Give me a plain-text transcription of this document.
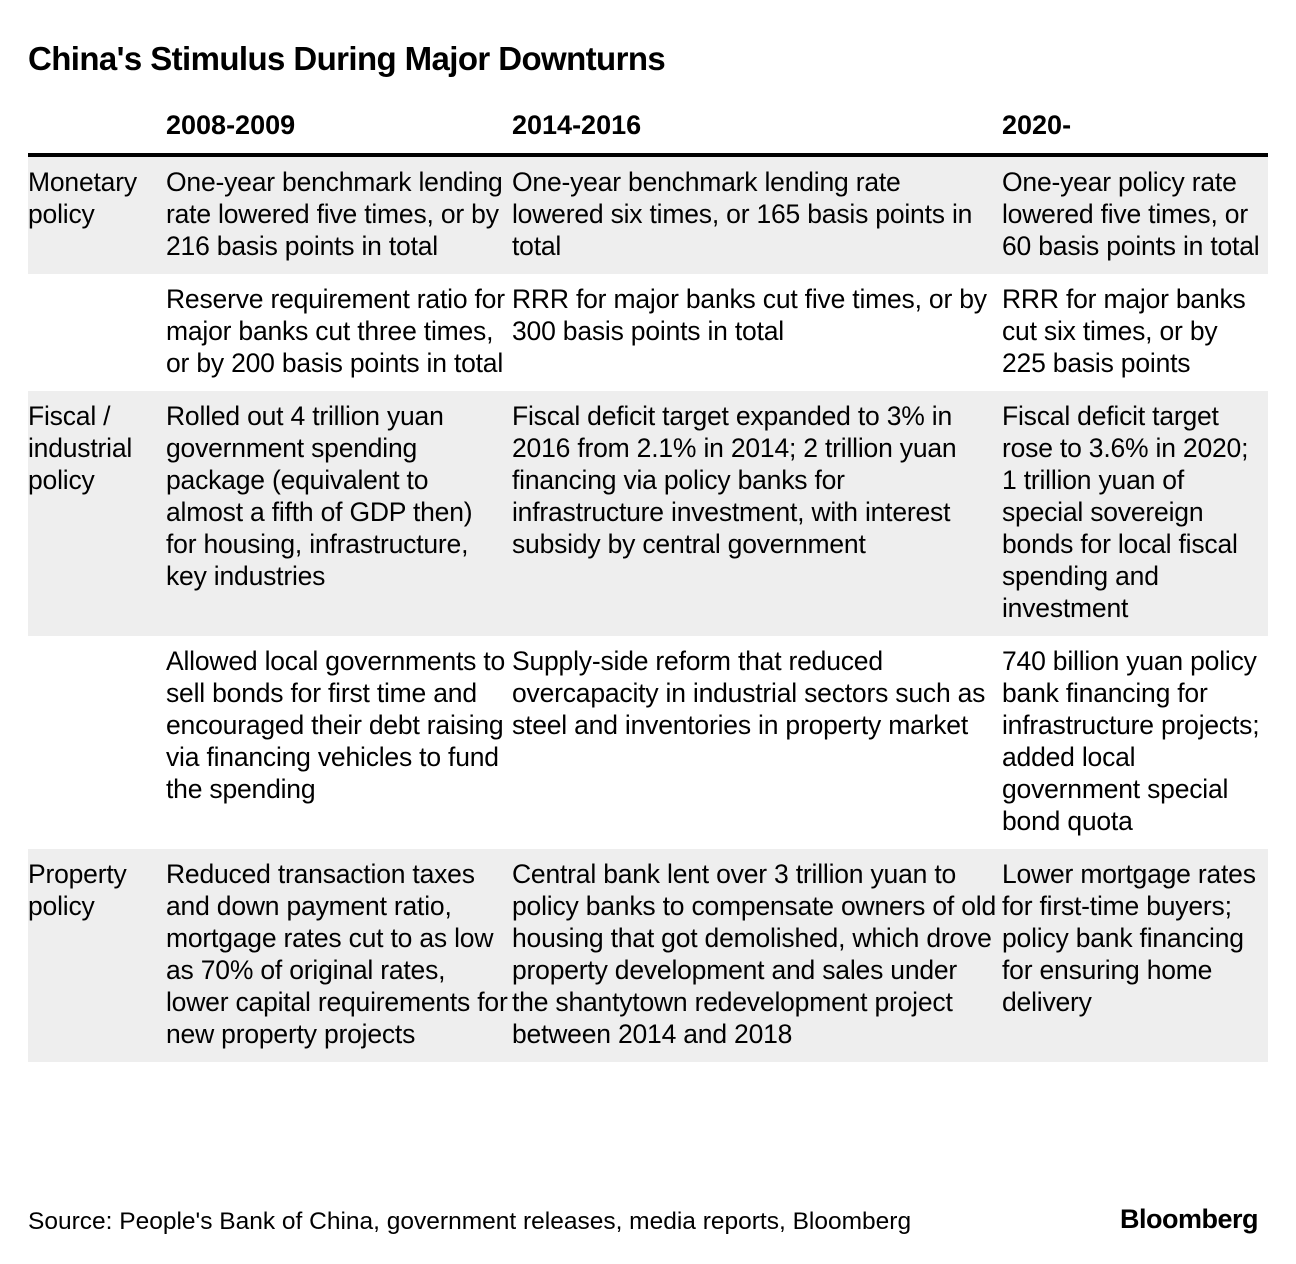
China's Stimulus During Major Downturns
	2008-2009	2014-2016	2020-
Monetary policy	One-year benchmark lending rate lowered five times, or by 216 basis points in total	One-year benchmark lending rate lowered six times, or 165 basis points in total	One-year policy rate lowered five times, or 60 basis points in total
	Reserve requirement ratio for major banks cut three times, or by 200 basis points in total	RRR for major banks cut five times, or by 300 basis points in total	RRR for major banks cut six times, or by 225 basis points
Fiscal / industrial policy	Rolled out 4 trillion yuan government spending package (equivalent to almost a fifth of GDP then) for housing, infrastructure, key industries	Fiscal deficit target expanded to 3% in 2016 from 2.1% in 2014; 2 trillion yuan financing via policy banks for infrastructure investment, with interest subsidy by central government	Fiscal deficit target rose to 3.6% in 2020; 1 trillion yuan of special sovereign bonds for local fiscal spending and investment
	Allowed local governments to sell bonds for first time and encouraged their debt raising via financing vehicles to fund the spending	Supply-side reform that reduced overcapacity in industrial sectors such as steel and inventories in property market	740 billion yuan policy bank financing for infrastructure projects; added local government special bond quota
Property policy	Reduced transaction taxes and down payment ratio, mortgage rates cut to as low as 70% of original rates, lower capital requirements for new property projects	Central bank lent over 3 trillion yuan to policy banks to compensate owners of old housing that got demolished, which drove property development and sales under the shantytown redevelopment project between 2014 and 2018	Lower mortgage rates for first-time buyers; policy bank financing for ensuring home delivery
Source: People's Bank of China, government releases, media reports, Bloomberg	Bloomberg
